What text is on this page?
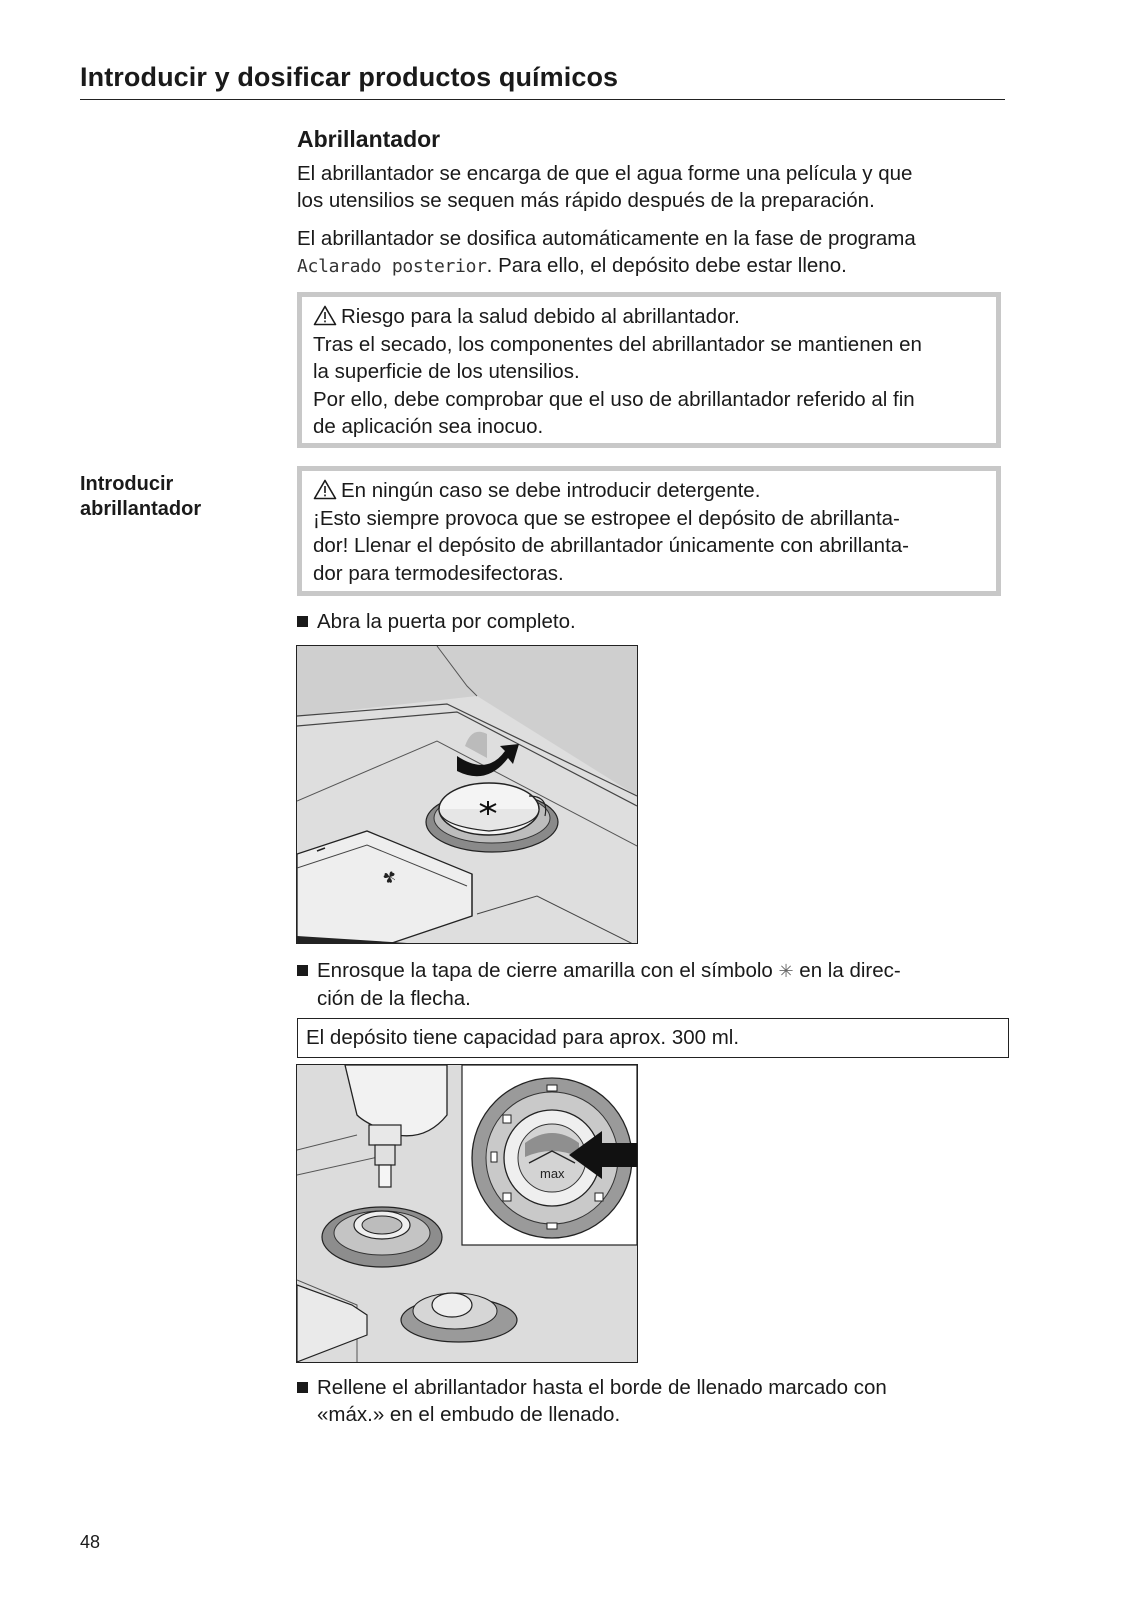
Introducir y dosificar productos químicos
Abrillantador

El abrillantador se encarga de que el agua forme una película y que
los utensilios se sequen más rápido después de la preparación.

El abrillantador se dosifica automáticamente en la fase de programa
Aclarado posterior. Para ello, el depósito debe estar lleno.

Riesgo para la salud debido al abrillantador.
Tras el secado, los componentes del abrillantador se mantienen en
la superficie de los utensilios.
Por ello, debe comprobar que el uso de abrillantador referido al fin
de aplicación sea inocuo.
Introducir
abrillantador
En ningún caso se debe introducir detergente.
¡Esto siempre provoca que se estropee el depósito de abrillanta-
dor! Llenar el depósito de abrillantador únicamente con abrillanta-
dor para termodesifectoras.
Abra la puerta por completo.
☘
Enrosque la tapa de cierre amarilla con el símbolo ✳ en la direc-
ción de la flecha.
El depósito tiene capacidad para aprox. 300 ml.
max
Rellene el abrillantador hasta el borde de llenado marcado con
«máx.» en el embudo de llenado.
48
